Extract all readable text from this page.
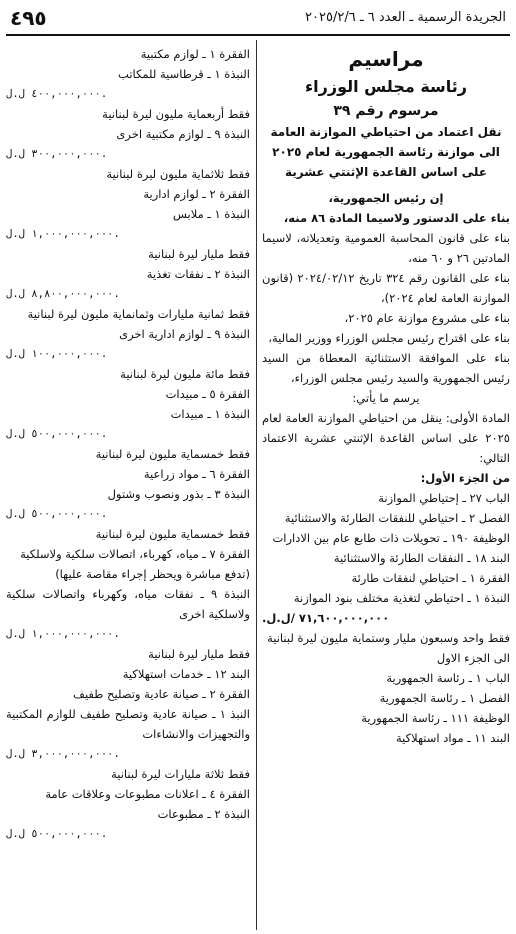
٤٩٥	الجريدة الرسمية ـ العدد ٦ ـ ٢٠٢٥/٢/٦
مراسيم
رئاسة مجلس الوزراء
مرسوم رقم ٣٩
نقل اعتماد من احتياطي الموازنة العامة
الى موازنة رئاسة الجمهورية لعام ٢٠٢٥
على اساس القاعدة الإثنتي عشرية
إن رئيس الجمهورية،
بناء على الدستور ولاسيما المادة ٨٦ منه،
بناء على قانون المحاسبة العمومية وتعديلاته، لاسيما المادتين ٢٦ و ٦٠ منه،
بناء على القانون رقم ٣٢٤ تاريخ ٢٠٢٤/٠٢/١٢ (قانون الموازنة العامة لعام ٢٠٢٤)،
بناء على مشروع موازنة عام ٢٠٢٥،
بناء على اقتراح رئيس مجلس الوزراء ووزير المالية،
بناء على الموافقة الاستثنائية المعطاة من السيد رئيس الجمهورية والسيد رئيس مجلس الوزراء،
يرسم ما يأتي:
المادة الأولى: ينقل من احتياطي الموازنة العامة لعام ٢٠٢٥ على اساس القاعدة الإثنتي عشرية الاعتماد التالي:
من الجزء الأول:
الباب ٢٧ ـ إحتياطي الموازنة
الفصل ٢ ـ احتياطي للنفقات الطارئة والاستثنائية
الوظيفة ١٩٠ ـ تحويلات ذات طابع عام بين الادارات
البند ١٨ ـ النفقات الطارئة والاستثنائية
الفقرة ١ ـ احتياطي لنفقات طارئة
النبذة ١ ـ احتياطي لتغذية مختلف بنود الموازنة
٧١,٦٠٠,٠٠٠,٠٠٠ /ل.ل.
فقط واحد وسبعون مليار وستماية مليون ليرة لبنانية
الى الجزء الاول
الباب ١ ـ رئاسة الجمهورية
الفصل ١ ـ رئاسة الجمهورية
الوظيفة ١١١ ـ رئاسة الجمهورية
البند ١١ ـ مواد استهلاكية
الفقرة ١ ـ لوازم مكتبية
النبذة ١ ـ قرطاسية للمكاتب
٤٠٠,٠٠٠,٠٠٠ ل.ل.
فقط أربعماية مليون ليرة لبنانية
النبذة ٩ ـ لوازم مكتبية اخرى
٣٠٠,٠٠٠,٠٠٠ ل.ل.
فقط ثلاثماية مليون ليرة لبنانية
الفقرة ٢ ـ لوازم ادارية
النبذة ١ ـ ملابس
١,٠٠٠,٠٠٠,٠٠٠ ل.ل.
فقط مليار ليرة لبنانية
النبذة ٢ ـ نفقات تغذية
٨,٨٠٠,٠٠٠,٠٠٠ ل.ل.
فقط ثمانية مليارات وثمانماية مليون ليرة لبنانية
النبذة ٩ ـ لوازم ادارية اخرى
١٠٠,٠٠٠,٠٠٠ ل.ل.
فقط مائة مليون ليرة لبنانية
الفقرة ٥ ـ مبيدات
النبذة ١ ـ مبيدات
٥٠٠,٠٠٠,٠٠٠ ل.ل.
فقط خمسماية مليون ليرة لبنانية
الفقرة ٦ ـ مواد زراعية
النبذة ٣ ـ بذور ونصوب وشتول
٥٠٠,٠٠٠,٠٠٠ ل.ل.
فقط خمسماية مليون ليرة لبنانية
الفقرة ٧ ـ مياه، كهرباء، اتصالات سلكية ولاسلكية
(تدفع مباشرة ويحظر إجراء مقاصة عليها)
النبذة ٩ ـ نفقات مياه، وكهرباء واتصالات سلكية ولاسلكية اخرى
١,٠٠٠,٠٠٠,٠٠٠ ل.ل.
فقط مليار ليرة لبنانية
البند ١٢ ـ خدمات استهلاكية
الفقرة ٢ ـ صيانة عادية وتصليح طفيف
النبذ ١ ـ صيانة عادية وتصليح طفيف للوازم المكتبية والتجهيزات والانشاءات
٣,٠٠٠,٠٠٠,٠٠٠ ل.ل.
فقط ثلاثة مليارات ليرة لبنانية
الفقرة ٤ ـ اعلانات مطبوعات وعلاقات عامة
النبذة ٢ ـ مطبوعات
٥٠٠,٠٠٠,٠٠٠ ل.ل.
